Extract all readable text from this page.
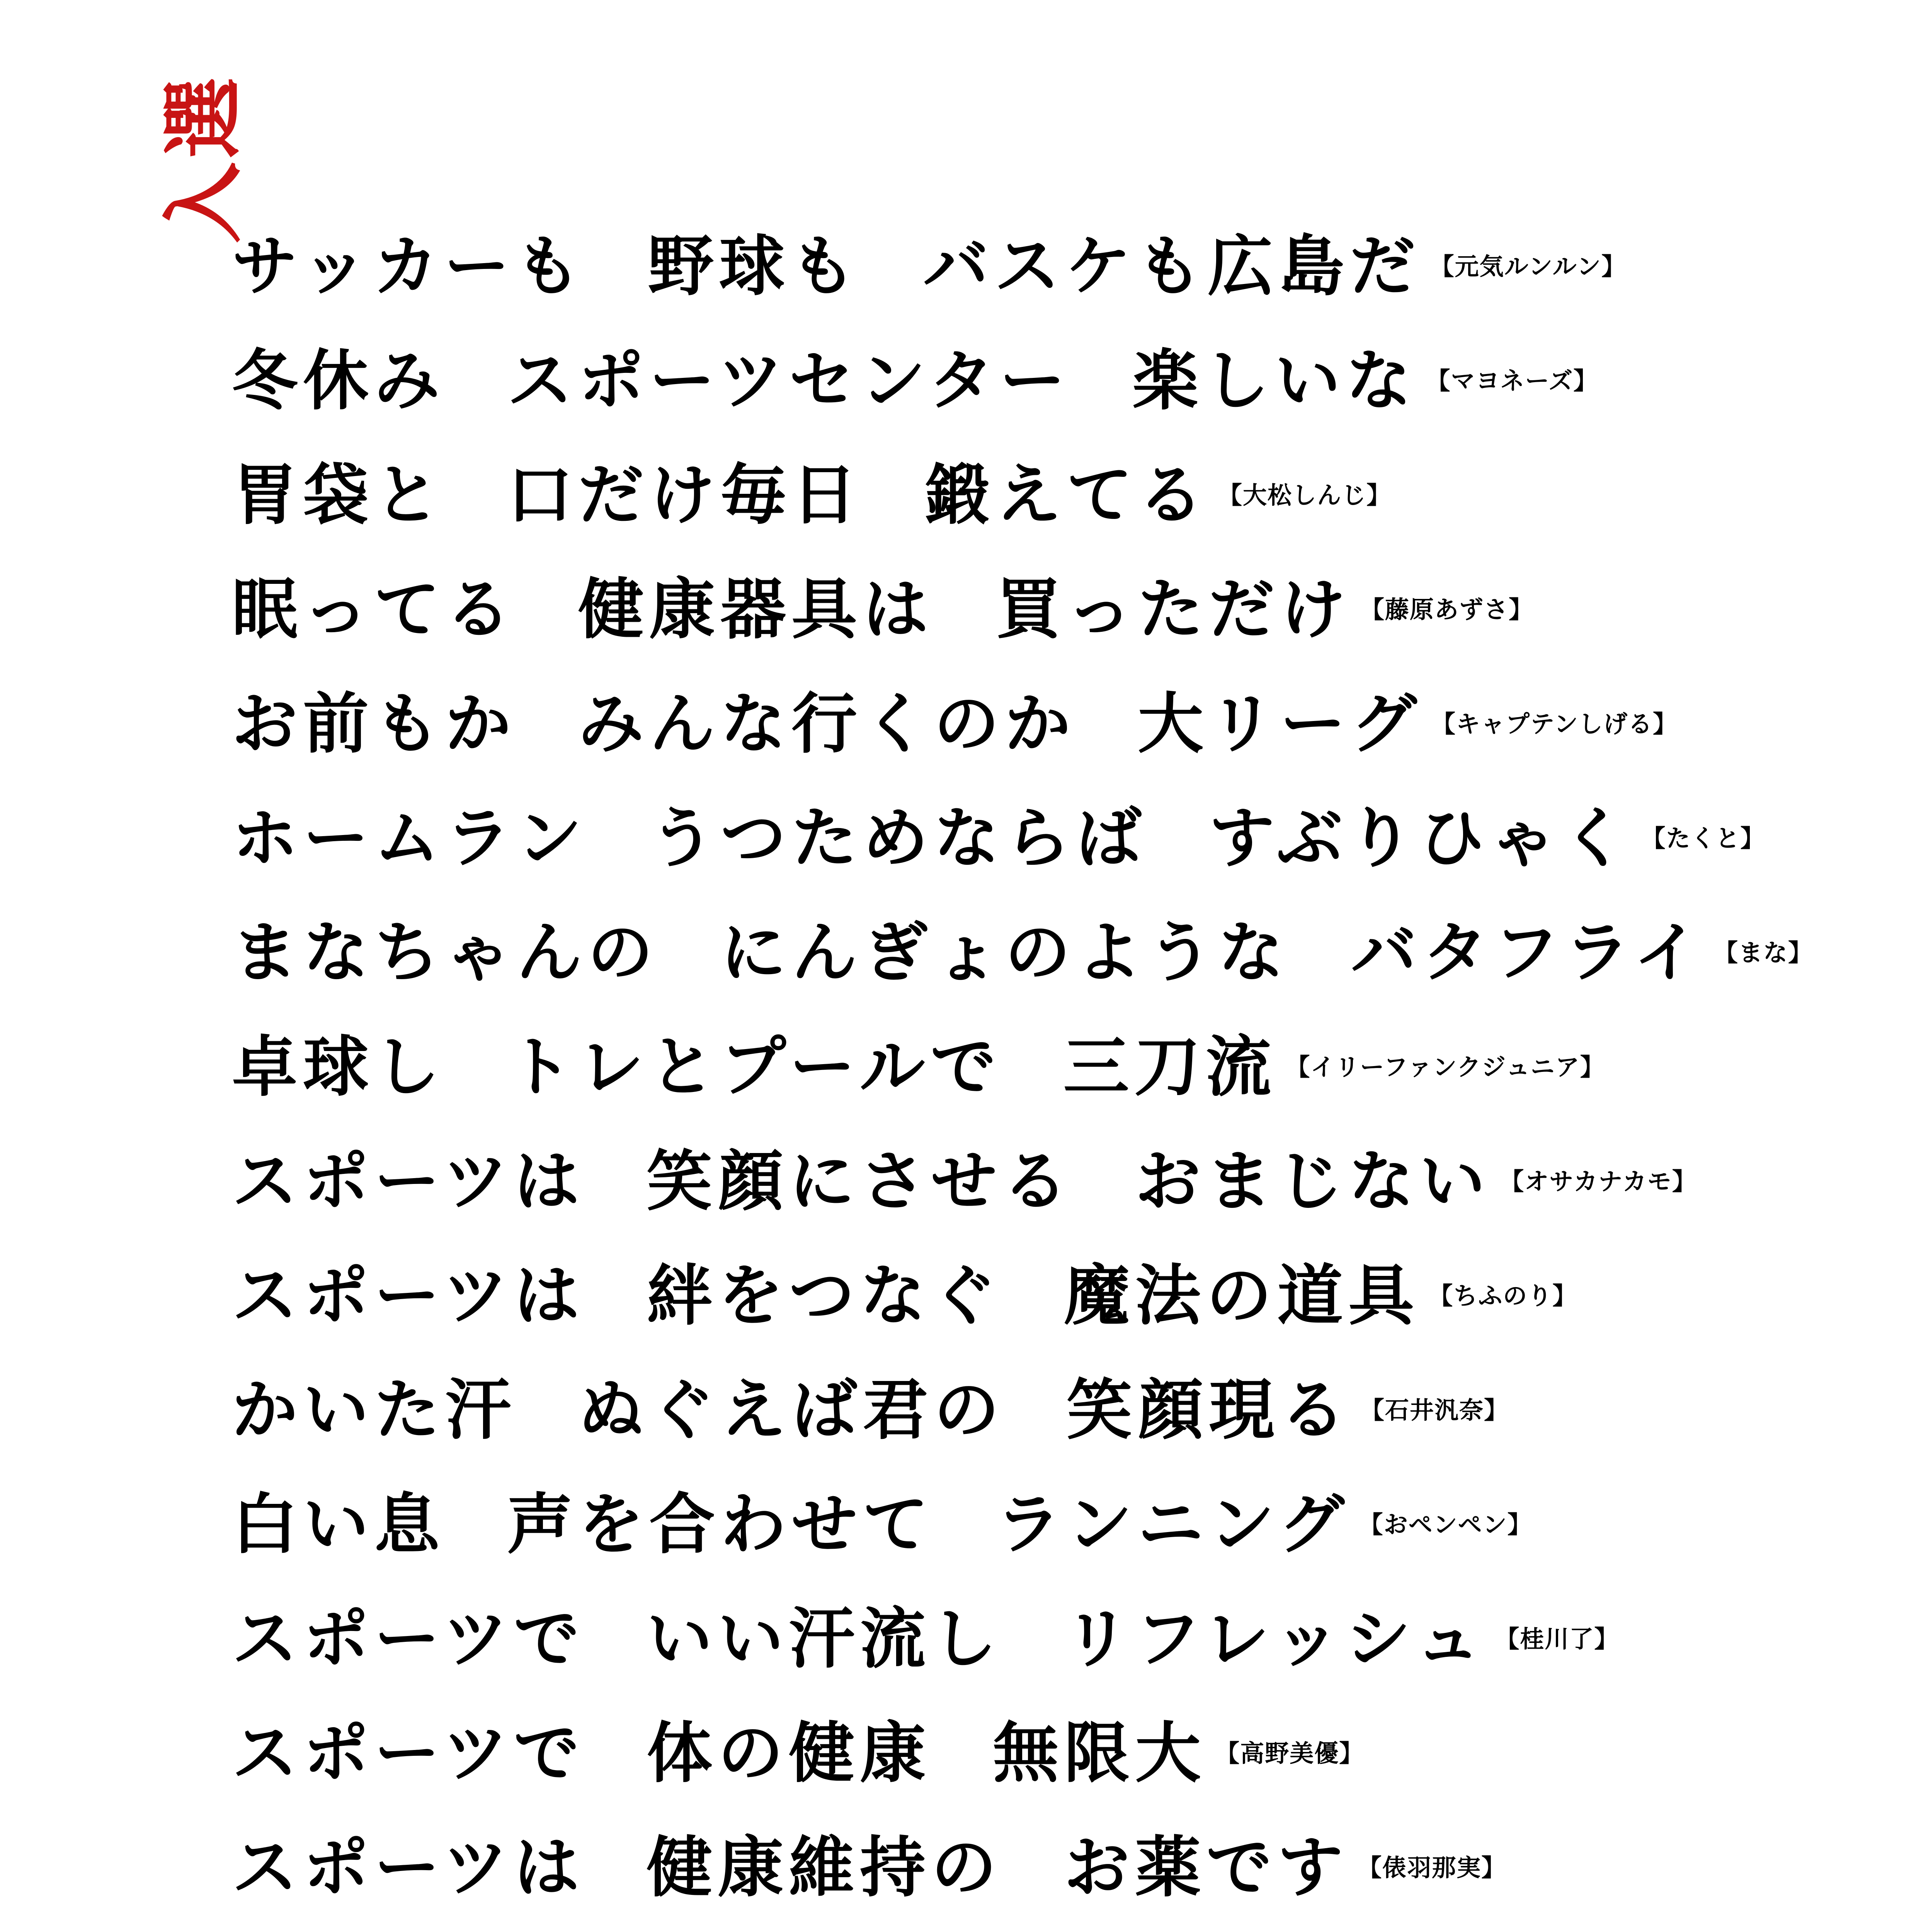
入選
サッカーも 野球も バスケも広島だ 【元気ルンルン】
冬休み スポーツセンター 楽しいな 【マヨネーズ】
胃袋と 口だけ毎日 鍛えてる 【大松しんじ】
眠ってる 健康器具は 買っただけ 【藤原あずさ】
お前もか みんな行くのか 大リーグ 【キャプテンしげる】
ホームラン うつためならば すぶりひゃく 【たくと】
まなちゃんの にんぎょのような バタフライ 【まな】
卓球し トレとプールで 三刀流 【イリーファンクジュニア】
スポーツは 笑顔にさせる おまじない 【オサカナカモ】
スポーツは 絆をつなぐ 魔法の道具 【ちふのり】
かいた汗 ぬぐえば君の 笑顔現る 【石井汎奈】
白い息 声を合わせて ランニング 【おペンペン】
スポーツで いい汗流し リフレッシュ 【桂川了】
スポーツで 体の健康 無限大 【高野美優】
スポーツは 健康維持の お薬です 【俵羽那実】
